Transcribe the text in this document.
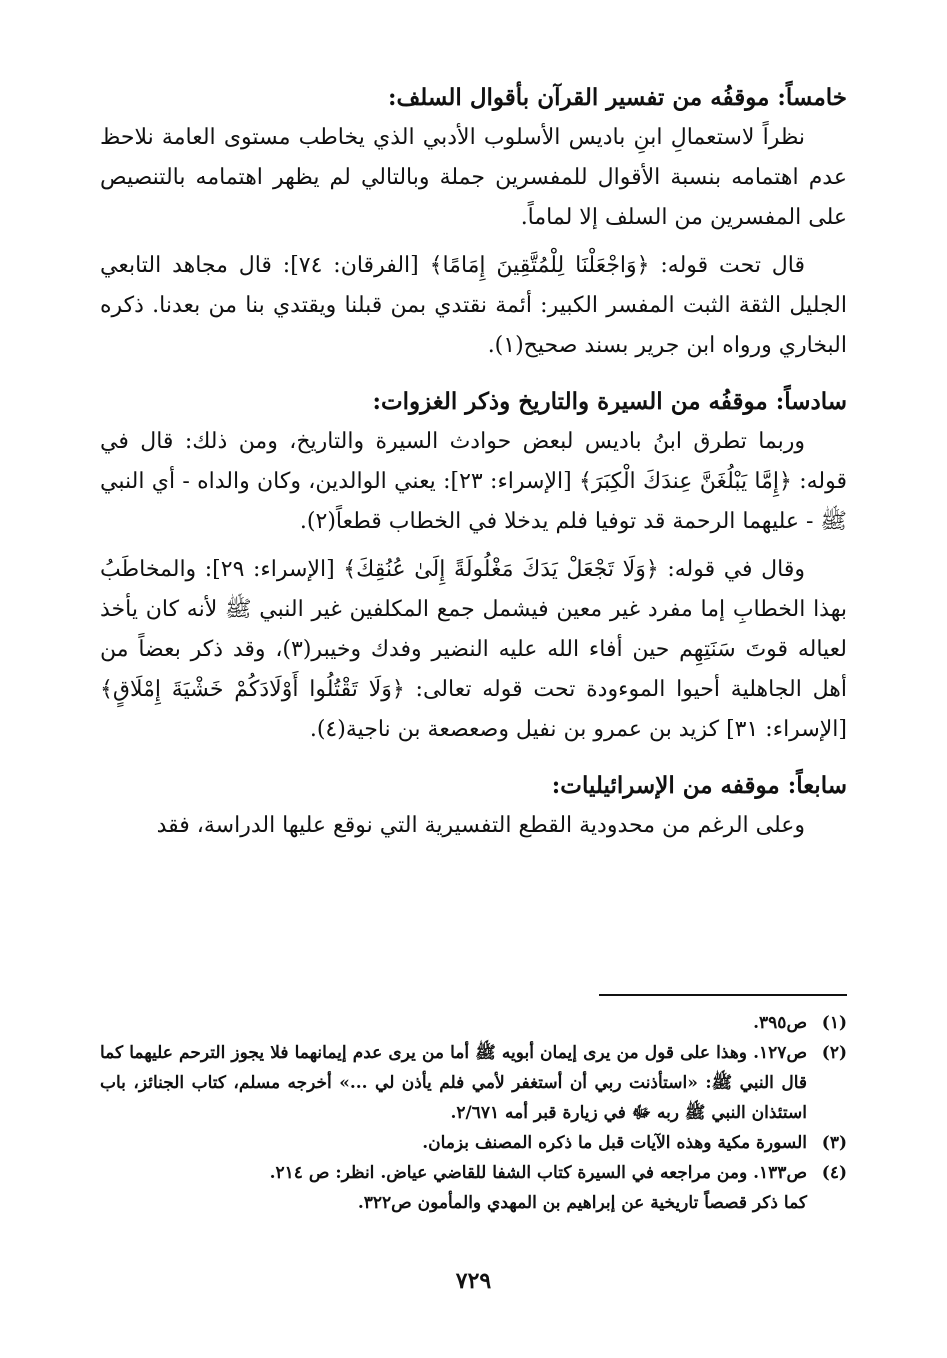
خامساً: موقفُه من تفسير القرآن بأقوال السلف:

نظراً لاستعمالِ ابنِ باديس الأسلوب الأدبي الذي يخاطب مستوى العامة نلاحظ عدم اهتمامه بنسبة الأقوال للمفسرين جملة وبالتالي لم يظهر اهتمامه بالتنصيص على المفسرين من السلف إلا لماماً.

قال تحت قوله: ﴿وَاجْعَلْنَا لِلْمُتَّقِينَ إِمَامًا﴾ [الفرقان: ٧٤]: قال مجاهد التابعي الجليل الثقة الثبت المفسر الكبير: أئمة نقتدي بمن قبلنا ويقتدي بنا من بعدنا. ذكره البخاري ورواه ابن جرير بسند صحيح(١).

سادساً: موقفُه من السيرة والتاريخ وذكر الغزوات:

وربما تطرق ابنُ باديس لبعض حوادث السيرة والتاريخ، ومن ذلك: قال في قوله: ﴿إِمَّا يَبْلُغَنَّ عِندَكَ الْكِبَرَ﴾ [الإسراء: ٢٣]: يعني الوالدين، وكان والداه - أي النبي ﷺ - عليهما الرحمة قد توفيا فلم يدخلا في الخطاب قطعاً(٢).

وقال في قوله: ﴿وَلَا تَجْعَلْ يَدَكَ مَغْلُولَةً إِلَىٰ عُنُقِكَ﴾ [الإسراء: ٢٩]: والمخاطَبُ بهذا الخطابِ إما مفرد غير معين فيشمل جمع المكلفين غير النبي ﷺ لأنه كان يأخذ لعياله قوتَ سَنَتِهِم حين أفاء الله عليه النضير وفدك وخيبر(٣)، وقد ذكر بعضاً من أهل الجاهلية أحيوا الموءودة تحت قوله تعالى: ﴿وَلَا تَقْتُلُوا أَوْلَادَكُمْ خَشْيَةَ إِمْلَاقٍ﴾ [الإسراء: ٣١] كزيد بن عمرو بن نفيل وصعصعة بن ناجية(٤).

سابعاً: موقفه من الإسرائيليات:

وعلى الرغم من محدودية القطع التفسيرية التي نوقع عليها الدراسة، فقد

(١)
ص٣٩٥.
(٢)
ص١٢٧. وهذا على قول من يرى إيمان أبويه ﷺ أما من يرى عدم إيمانهما فلا يجوز الترحم عليهما كما قال النبي ﷺ: «استأذنت ربي أن أستغفر لأمي فلم يأذن لي ...» أخرجه مسلم، كتاب الجنائز، باب استئذان النبي ﷺ ربه ﷻ في زيارة قبر أمه ٢/٦٧١.
(٣)
السورة مكية وهذه الآيات قبل ما ذكره المصنف بزمان.
(٤)
ص١٣٣. ومن مراجعه في السيرة كتاب الشفا للقاضي عياض. انظر: ص ٢١٤.

كما ذكر قصصاً تاريخية عن إبراهيم بن المهدي والمأمون ص٣٢٢.

٧٢٩
